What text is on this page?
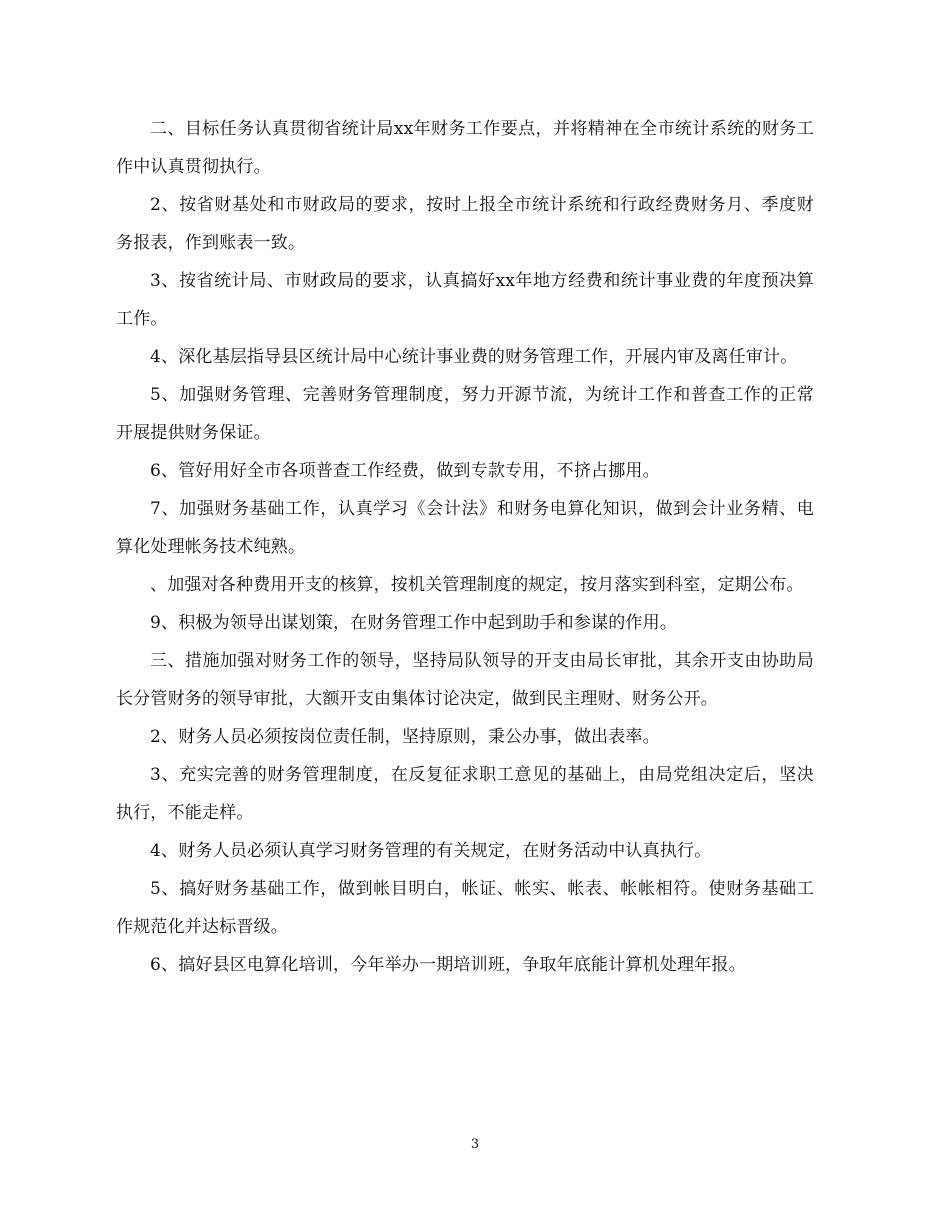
二、目标任务认真贯彻省统计局xx年财务工作要点，并将精神在全市统计系统的财务工作中认真贯彻执行。

2、按省财基处和市财政局的要求，按时上报全市统计系统和行政经费财务月、季度财务报表，作到账表一致。

3、按省统计局、市财政局的要求，认真搞好xx年地方经费和统计事业费的年度预决算工作。

4、深化基层指导县区统计局中心统计事业费的财务管理工作，开展内审及离任审计。

5、加强财务管理、完善财务管理制度，努力开源节流，为统计工作和普查工作的正常开展提供财务保证。

6、管好用好全市各项普查工作经费，做到专款专用，不挤占挪用。

7、加强财务基础工作，认真学习《会计法》和财务电算化知识，做到会计业务精、电算化处理帐务技术纯熟。

、加强对各种费用开支的核算，按机关管理制度的规定，按月落实到科室，定期公布。

9、积极为领导出谋划策，在财务管理工作中起到助手和参谋的作用。

三、措施加强对财务工作的领导，坚持局队领导的开支由局长审批，其余开支由协助局长分管财务的领导审批，大额开支由集体讨论决定，做到民主理财、财务公开。

2、财务人员必须按岗位责任制，坚持原则，秉公办事，做出表率。

3、充实完善的财务管理制度，在反复征求职工意见的基础上，由局党组决定后，坚决执行，不能走样。

4、财务人员必须认真学习财务管理的有关规定，在财务活动中认真执行。

5、搞好财务基础工作，做到帐目明白，帐证、帐实、帐表、帐帐相符。使财务基础工作规范化并达标晋级。

6、搞好县区电算化培训，今年举办一期培训班，争取年底能计算机处理年报。

3
